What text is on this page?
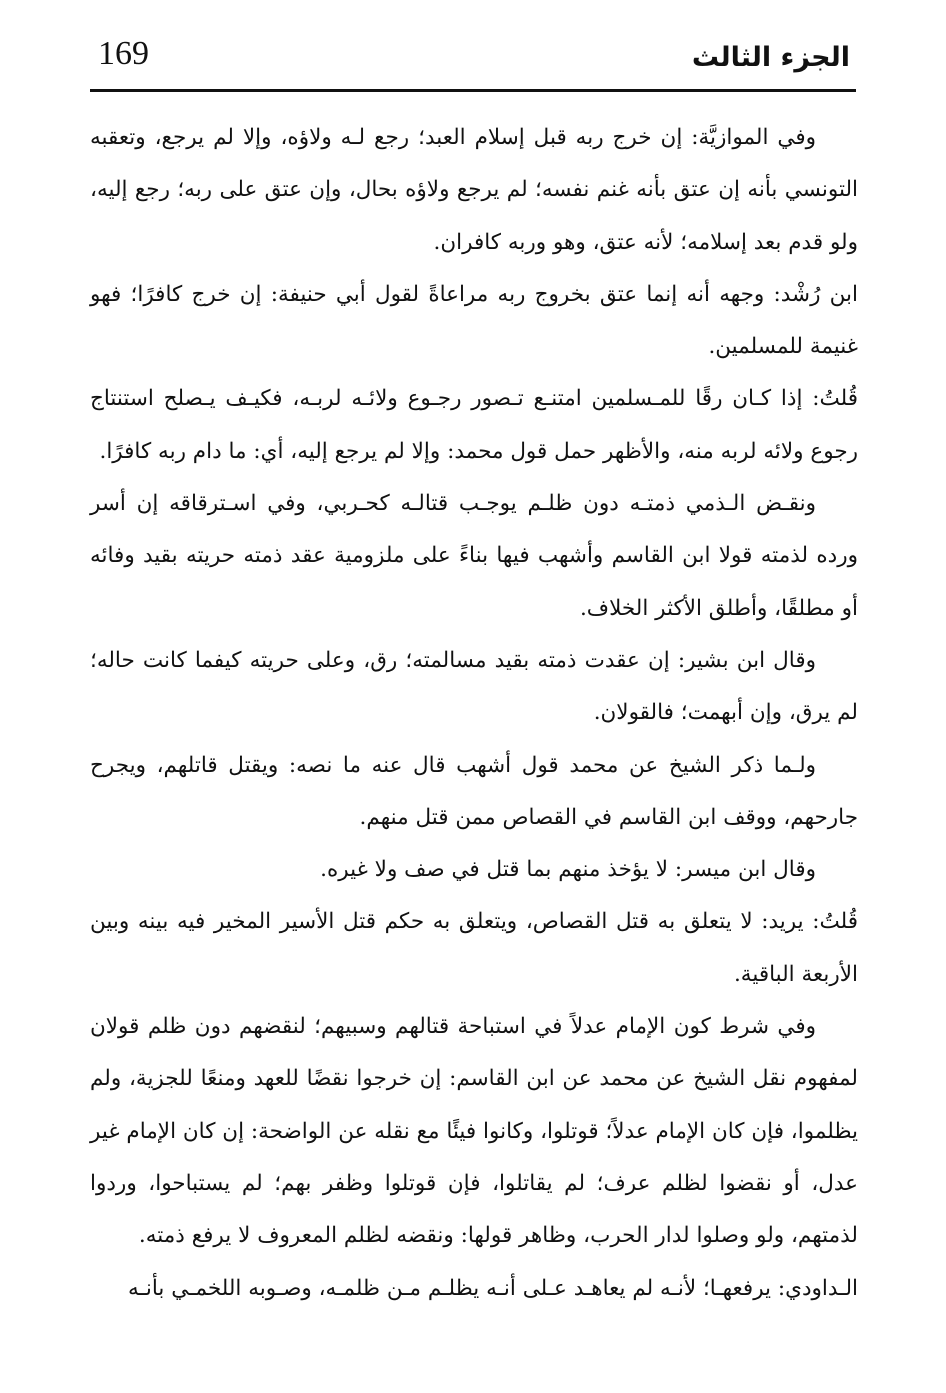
169	الجزء الثالث

وفي الموازيَّة: إن خرج ربه قبل إسلام العبد؛ رجع لـه ولاؤه، وإلا لم يرجع، وتعقبه التونسي بأنه إن عتق بأنه غنم نفسه؛ لم يرجع ولاؤه بحال، وإن عتق على ربه؛ رجع إليه، ولو قدم بعد إسلامه؛ لأنه عتق، وهو وربه كافران.

ابن رُشْد: وجهه أنه إنما عتق بخروج ربه مراعاةً لقول أبي حنيفة: إن خرج كافرًا؛ فهو غنيمة للمسلمين.

قُلتُ: إذا كـان رقًا للمـسلمين امتنـع تـصور رجـوع ولائـه لربـه، فكيـف يـصلح استنتاج رجوع ولائه لربه منه، والأظهر حمل قول محمد: وإلا لم يرجع إليه، أي: ما دام ربه كافرًا.

ونقـض الـذمي ذمتـه دون ظلـم يوجـب قتالـه كحـربي، وفي اسـترقاقه إن أسر ورده لذمته قولا ابن القاسم وأشهب فيها بناءً على ملزومية عقد ذمته حريته بقيد وفائه أو مطلقًا، وأطلق الأكثر الخلاف.

وقال ابن بشير: إن عقدت ذمته بقيد مسالمته؛ رق، وعلى حريته كيفما كانت حاله؛ لم يرق، وإن أبهمت؛ فالقولان.

ولـما ذكر الشيخ عن محمد قول أشهب قال عنه ما نصه: ويقتل قاتلهم، ويجرح جارحهم، ووقف ابن القاسم في القصاص ممن قتل منهم.

وقال ابن ميسر: لا يؤخذ منهم بما قتل في صف ولا غيره.

قُلتُ: يريد: لا يتعلق به قتل القصاص، ويتعلق به حكم قتل الأسير المخير فيه بينه وبين الأربعة الباقية.

وفي شرط كون الإمام عدلاً في استباحة قتالهم وسبيهم؛ لنقضهم دون ظلم قولان لمفهوم نقل الشيخ عن محمد عن ابن القاسم: إن خرجوا نقضًا للعهد ومنعًا للجزية، ولم يظلموا، فإن كان الإمام عدلاً؛ قوتلوا، وكانوا فيئًا مع نقله عن الواضحة: إن كان الإمام غير عدل، أو نقضوا لظلم عرف؛ لم يقاتلوا، فإن قوتلوا وظفر بهم؛ لم يستباحوا، وردوا لذمتهم، ولو وصلوا لدار الحرب، وظاهر قولها: ونقضه لظلم المعروف لا يرفع ذمته.

الـداودي: يرفعهـا؛ لأنـه لم يعاهـد عـلى أنـه يظلـم مـن ظلمـه، وصـوبه اللخمـي بأنـه
